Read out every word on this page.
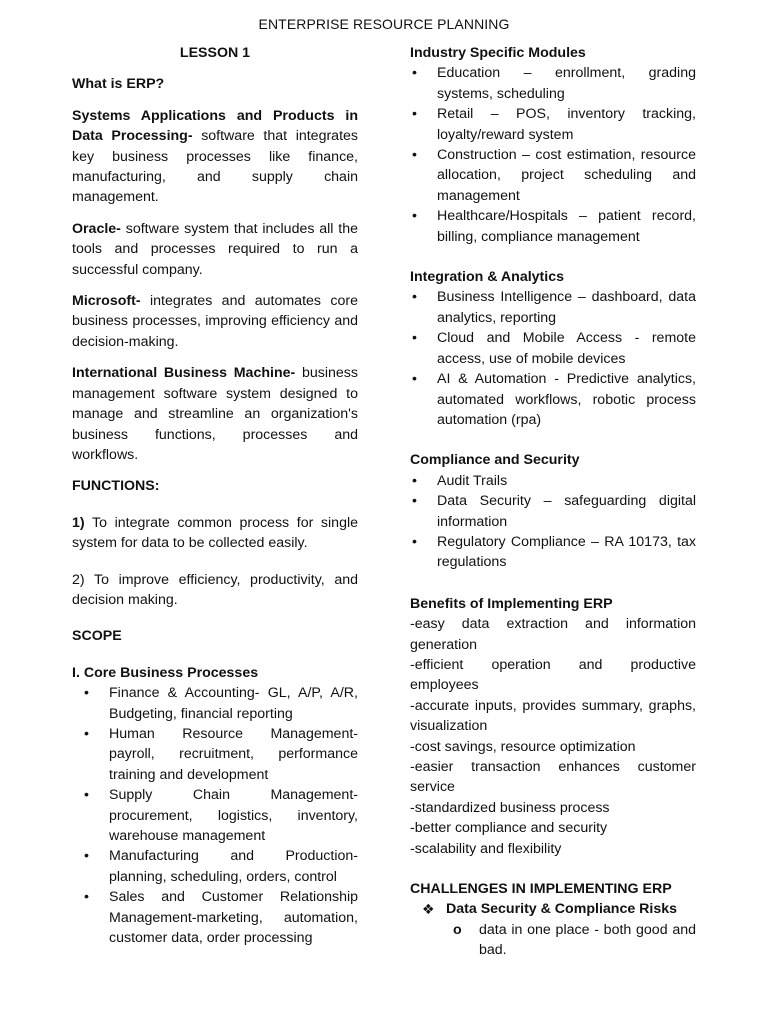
ENTERPRISE RESOURCE PLANNING

LESSON 1

What is ERP?

Systems Applications and Products in Data Processing- software that integrates key business processes like finance, manufacturing, and supply chain management.

Oracle- software system that includes all the tools and processes required to run a successful company.

Microsoft- integrates and automates core business processes, improving efficiency and decision-making.

International Business Machine- business management software system designed to manage and streamline an organization's business functions, processes and workflows.

FUNCTIONS:

1) To integrate common process for single system for data to be collected easily.

2) To improve efficiency, productivity, and decision making.

SCOPE

I. Core Business Processes

• Finance & Accounting- GL, A/P, A/R, Budgeting, financial reporting
• Human Resource Management- payroll, recruitment, performance training and development
• Supply Chain Management- procurement, logistics, inventory, warehouse management
• Manufacturing and Production- planning, scheduling, orders, control
• Sales and Customer Relationship Management-marketing, automation, customer data, order processing

Industry Specific Modules

• Education – enrollment, grading systems, scheduling
• Retail – POS, inventory tracking, loyalty/reward system
• Construction – cost estimation, resource allocation, project scheduling and management
• Healthcare/Hospitals – patient record, billing, compliance management

Integration & Analytics

• Business Intelligence – dashboard, data analytics, reporting
• Cloud and Mobile Access - remote access, use of mobile devices
• AI & Automation - Predictive analytics, automated workflows, robotic process automation (rpa)

Compliance and Security

• Audit Trails
• Data Security – safeguarding digital information
• Regulatory Compliance – RA 10173, tax regulations

Benefits of Implementing ERP

-easy data extraction and information generation

-efficient operation and productive employees

-accurate inputs, provides summary, graphs, visualization

-cost savings, resource optimization

-easier transaction enhances customer service

-standardized business process

-better compliance and security

-scalability and flexibility

CHALLENGES IN IMPLEMENTING ERP

❖ Data Security & Compliance Risks
o data in one place - both good and bad.
